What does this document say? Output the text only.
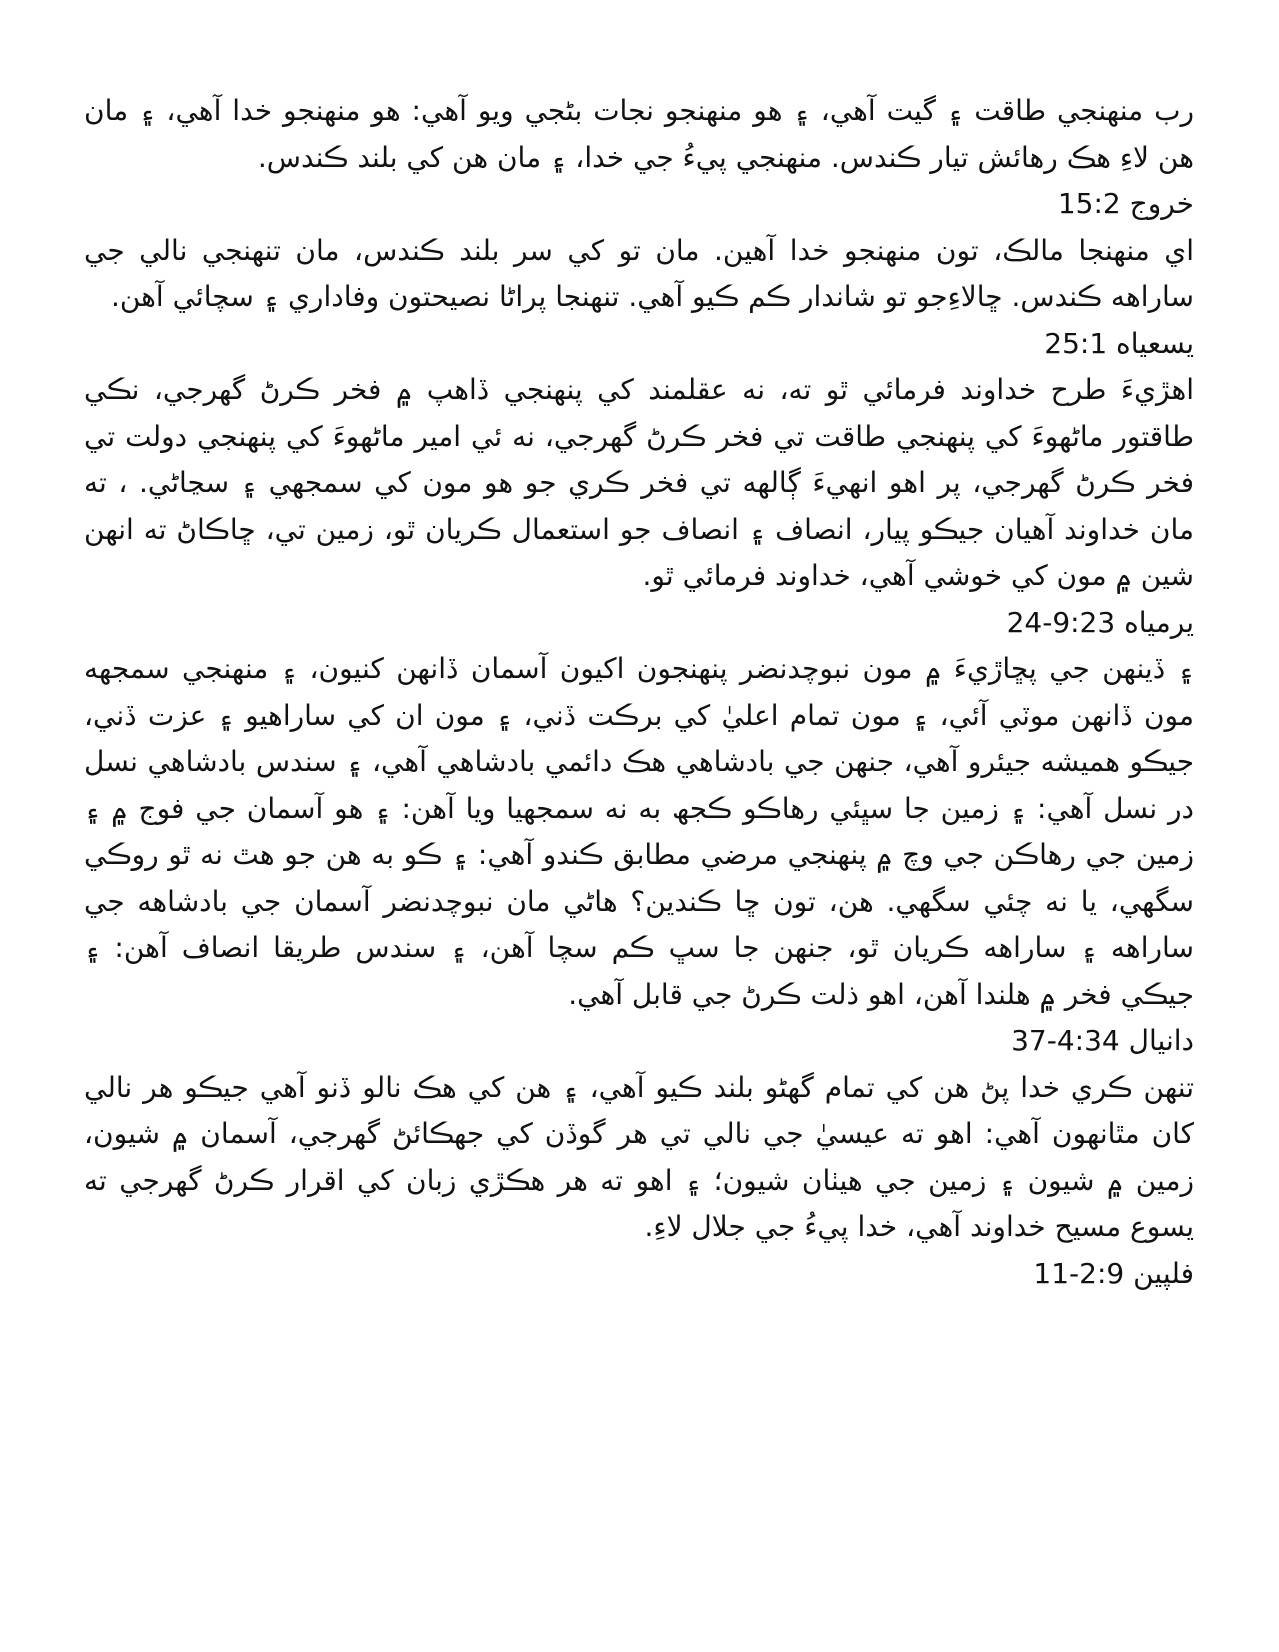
رب منهنجي طاقت ۽ گيت آهي، ۽ هو منهنجو نجات بڻجي ويو آهي: هو منهنجو خدا آهي، ۽ مان هن لاءِ هڪ رهائش تيار ڪندس. منهنجي پيءُ جي خدا، ۽ مان هن کي بلند ڪندس.

خروج 15:2

اي منهنجا مالڪ، تون منهنجو خدا آهين. مان تو کي سر بلند ڪندس، مان تنهنجي نالي جي ساراهه ڪندس. ڇالاءِجو تو شاندار ڪم ڪيو آهي. تنهنجا پراڻا نصيحتون وفاداري ۽ سچائي آهن.

يسعياه 25:1

اهڙيءَ طرح خداوند فرمائي ٿو ته، نه عقلمند کي پنهنجي ڏاهپ ۾ فخر ڪرڻ گهرجي، نڪي طاقتور ماڻهوءَ کي پنهنجي طاقت تي فخر ڪرڻ گهرجي، نه ئي امير ماڻهوءَ کي پنهنجي دولت تي فخر ڪرڻ گهرجي، پر اهو انهيءَ ڳالهه تي فخر ڪري جو هو مون کي سمجهي ۽ سڃاڻي. ، ته مان خداوند آهيان جيڪو پيار، انصاف ۽ انصاف جو استعمال ڪريان ٿو، زمين تي، ڇاڪاڻ ته انهن شين ۾ مون کي خوشي آهي، خداوند فرمائي ٿو.

يرمياه 9:23-24

۽ ڏينهن جي پڇاڙيءَ ۾ مون نبوچدنضر پنهنجون اکيون آسمان ڏانهن کنيون، ۽ منهنجي سمجهه مون ڏانهن موٽي آئي، ۽ مون تمام اعليٰ کي برڪت ڏني، ۽ مون ان کي ساراهيو ۽ عزت ڏني، جيڪو هميشه جيئرو آهي، جنهن جي بادشاهي هڪ دائمي بادشاهي آهي، ۽ سندس بادشاهي نسل در نسل آهي: ۽ زمين جا سڀئي رهاڪو ڪجھ به نه سمجھيا ويا آهن: ۽ هو آسمان جي فوج ۾ ۽ زمين جي رهاڪن جي وچ ۾ پنهنجي مرضي مطابق ڪندو آهي: ۽ ڪو به هن جو هٿ نه ٿو روڪي سگهي، يا نه چئي سگهي. هن، تون ڇا ڪندين؟ هاڻي مان نبوچدنضر آسمان جي بادشاهه جي ساراهه ۽ ساراهه ڪريان ٿو، جنهن جا سڀ ڪم سچا آهن، ۽ سندس طريقا انصاف آهن: ۽ جيڪي فخر ۾ هلندا آهن، اهو ذلت ڪرڻ جي قابل آهي.

دانيال 4:34-37

تنهن ڪري خدا پڻ هن کي تمام گهڻو بلند ڪيو آهي، ۽ هن کي هڪ نالو ڏنو آهي جيڪو هر نالي کان مٿانهون آهي: اهو ته عيسيٰ جي نالي تي هر گوڏن کي جهڪائڻ گهرجي، آسمان ۾ شيون، زمين ۾ شيون ۽ زمين جي هيٺان شيون؛ ۽ اهو ته هر هڪڙي زبان کي اقرار ڪرڻ گهرجي ته يسوع مسيح خداوند آهي، خدا پيءُ جي جلال لاءِ.

فلپين 2:9-11
